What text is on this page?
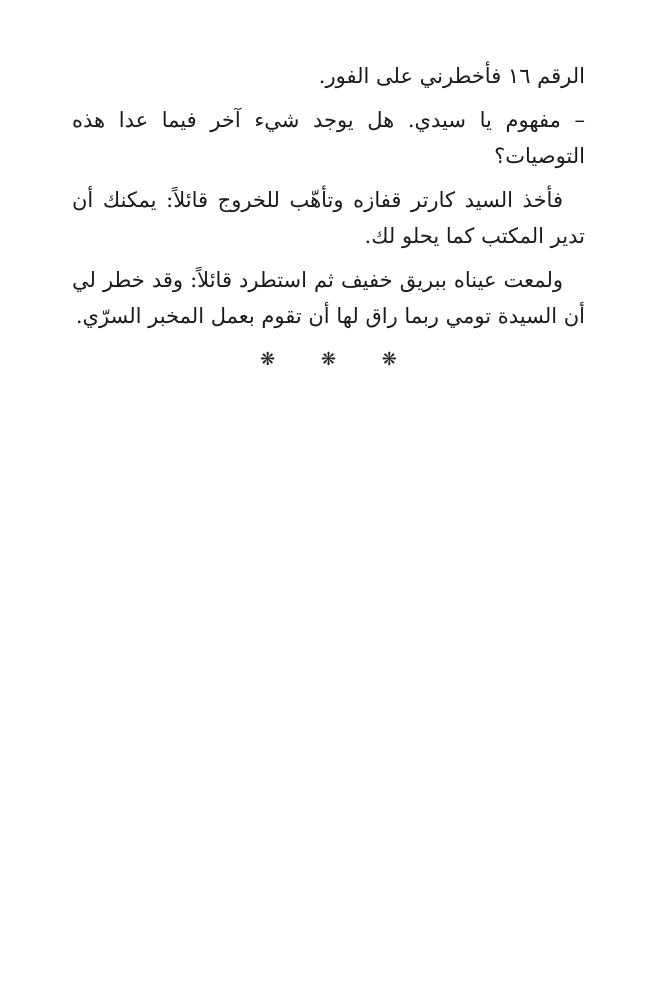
الرقم ١٦ فأخطرني على الفور.

– مفهوم يا سيدي. هل يوجد شيء آخر فيما عدا هذه التوصيات؟

فأخذ السيد كارتر قفازه وتأهّب للخروج قائلاً: يمكنك أن تدير المكتب كما يحلو لك.

ولمعت عيناه ببريق خفيف ثم استطرد قائلاً: وقد خطر لي أن السيدة تومي ربما راق لها أن تقوم بعمل المخبر السرّي.

❋ ❋ ❋
